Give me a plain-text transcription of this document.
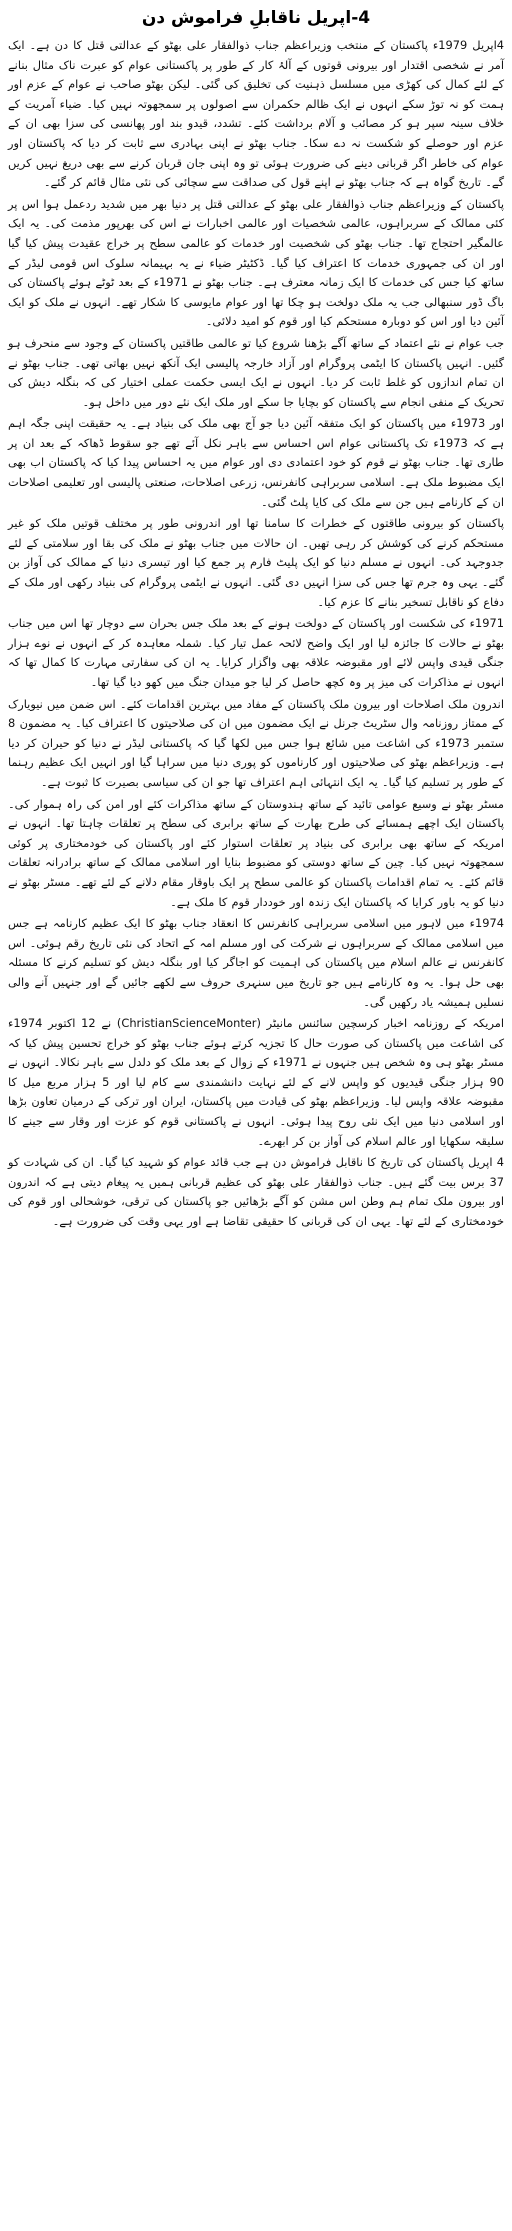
4-اپریل ناقابلِ فراموش دن

4اپریل 1979ء پاکستان کے منتخب وزیراعظم جناب ذوالفقار علی بھٹو کے عدالتی قتل کا دن ہے۔ ایک آمر نے شخصی اقتدار اور بیرونی قوتوں کے آلۂ کار کے طور پر پاکستانی عوام کو عبرت ناک مثال بنانے کے لئے کمال کی کھڑی میں مسلسل ذہنیت کی تخلیق کی گئی۔ لیکن بھٹو صاحب نے عوام کے عزم اور ہمت کو نہ توڑ سکے انہوں نے ایک ظالم حکمران سے اصولوں پر سمجھوتہ نہیں کیا۔ ضیاء آمریت کے خلاف سینہ سپر ہو کر مصائب و آلام برداشت کئے۔ تشدد، قیدو بند اور پھانسی کی سزا بھی ان کے عزم اور حوصلے کو شکست نہ دے سکا۔ جناب بھٹو نے اپنی بہادری سے ثابت کر دیا کہ پاکستان اور عوام کی خاطر اگر قربانی دینے کی ضرورت ہوئی تو وہ اپنی جان قربان کرنے سے بھی دریغ نہیں کریں گے۔ تاریخ گواہ ہے کہ جناب بھٹو نے اپنے قول کی صداقت سے سچائی کی نئی مثال قائم کر گئے۔

پاکستان کے وزیراعظم جناب ذوالفقار علی بھٹو کے عدالتی قتل پر دنیا بھر میں شدید ردعمل ہوا اس پر کئی ممالک کے سربراہوں، عالمی شخصیات اور عالمی اخبارات نے اس کی بھرپور مذمت کی۔ یہ ایک عالمگیر احتجاج تھا۔ جناب بھٹو کی شخصیت اور خدمات کو عالمی سطح پر خراج عقیدت پیش کیا گیا اور ان کی جمہوری خدمات کا اعتراف کیا گیا۔ ڈکٹیٹر ضیاء نے یہ بہیمانہ سلوک اس قومی لیڈر کے ساتھ کیا جس کی خدمات کا ایک زمانہ معترف ہے۔ جناب بھٹو نے 1971ء کے بعد ٹوٹے ہوئے پاکستان کی باگ ڈور سنبھالی جب یہ ملک دولخت ہو چکا تھا اور عوام مایوسی کا شکار تھے۔ انہوں نے ملک کو ایک آئین دیا اور اس کو دوبارہ مستحکم کیا اور قوم کو امید دلائی۔

جب عوام نے نئے اعتماد کے ساتھ آگے بڑھنا شروع کیا تو عالمی طاقتیں پاکستان کے وجود سے منحرف ہو گئیں۔ انہیں پاکستان کا ایٹمی پروگرام اور آزاد خارجہ پالیسی ایک آنکھ نہیں بھاتی تھی۔ جناب بھٹو نے ان تمام اندازوں کو غلط ثابت کر دیا۔ انہوں نے ایک ایسی حکمت عملی اختیار کی کہ بنگلہ دیش کی تحریک کے منفی انجام سے پاکستان کو بچایا جا سکے اور ملک ایک نئے دور میں داخل ہو۔

اور 1973ء میں پاکستان کو ایک متفقہ آئین دیا جو آج بھی ملک کی بنیاد ہے۔ یہ حقیقت اپنی جگہ اہم ہے کہ 1973ء تک پاکستانی عوام اس احساس سے باہر نکل آئے تھے جو سقوط ڈھاکہ کے بعد ان پر طاری تھا۔ جناب بھٹو نے قوم کو خود اعتمادی دی اور عوام میں یہ احساس پیدا کیا کہ پاکستان اب بھی ایک مضبوط ملک ہے۔ اسلامی سربراہی کانفرنس، زرعی اصلاحات، صنعتی پالیسی اور تعلیمی اصلاحات ان کے کارنامے ہیں جن سے ملک کی کایا پلٹ گئی۔

پاکستان کو بیرونی طاقتوں کے خطرات کا سامنا تھا اور اندرونی طور پر مختلف قوتیں ملک کو غیر مستحکم کرنے کی کوشش کر رہی تھیں۔ ان حالات میں جناب بھٹو نے ملک کی بقا اور سلامتی کے لئے جدوجہد کی۔ انہوں نے مسلم دنیا کو ایک پلیٹ فارم پر جمع کیا اور تیسری دنیا کے ممالک کی آواز بن گئے۔ یہی وہ جرم تھا جس کی سزا انہیں دی گئی۔ انہوں نے ایٹمی پروگرام کی بنیاد رکھی اور ملک کے دفاع کو ناقابل تسخیر بنانے کا عزم کیا۔

1971ء کی شکست اور پاکستان کے دولخت ہونے کے بعد ملک جس بحران سے دوچار تھا اس میں جناب بھٹو نے حالات کا جائزہ لیا اور ایک واضح لائحہ عمل تیار کیا۔ شملہ معاہدہ کر کے انہوں نے نوے ہزار جنگی قیدی واپس لائے اور مقبوضہ علاقہ بھی واگزار کرایا۔ یہ ان کی سفارتی مہارت کا کمال تھا کہ انہوں نے مذاکرات کی میز پر وہ کچھ حاصل کر لیا جو میدان جنگ میں کھو دیا گیا تھا۔

اندرون ملک اصلاحات اور بیرون ملک پاکستان کے مفاد میں بہترین اقدامات کئے۔ اس ضمن میں نیویارک کے ممتاز روزنامہ وال سٹریٹ جرنل نے ایک مضمون میں ان کی صلاحیتوں کا اعتراف کیا۔ یہ مضمون 8 ستمبر 1973ء کی اشاعت میں شائع ہوا جس میں لکھا گیا کہ پاکستانی لیڈر نے دنیا کو حیران کر دیا ہے۔ وزیراعظم بھٹو کی صلاحیتوں اور کارناموں کو پوری دنیا میں سراہا گیا اور انہیں ایک عظیم رہنما کے طور پر تسلیم کیا گیا۔ یہ ایک انتہائی اہم اعتراف تھا جو ان کی سیاسی بصیرت کا ثبوت ہے۔

مسٹر بھٹو نے وسیع عوامی تائید کے ساتھ ہندوستان کے ساتھ مذاکرات کئے اور امن کی راہ ہموار کی۔ پاکستان ایک اچھے ہمسائے کی طرح بھارت کے ساتھ برابری کی سطح پر تعلقات چاہتا تھا۔ انہوں نے امریکہ کے ساتھ بھی برابری کی بنیاد پر تعلقات استوار کئے اور پاکستان کی خودمختاری پر کوئی سمجھوتہ نہیں کیا۔ چین کے ساتھ دوستی کو مضبوط بنایا اور اسلامی ممالک کے ساتھ برادرانہ تعلقات قائم کئے۔ یہ تمام اقدامات پاکستان کو عالمی سطح پر ایک باوقار مقام دلانے کے لئے تھے۔ مسٹر بھٹو نے دنیا کو یہ باور کرایا کہ پاکستان ایک زندہ اور خوددار قوم کا ملک ہے۔

1974ء میں لاہور میں اسلامی سربراہی کانفرنس کا انعقاد جناب بھٹو کا ایک عظیم کارنامہ ہے جس میں اسلامی ممالک کے سربراہوں نے شرکت کی اور مسلم امہ کے اتحاد کی نئی تاریخ رقم ہوئی۔ اس کانفرنس نے عالم اسلام میں پاکستان کی اہمیت کو اجاگر کیا اور بنگلہ دیش کو تسلیم کرنے کا مسئلہ بھی حل ہوا۔ یہ وہ کارنامے ہیں جو تاریخ میں سنہری حروف سے لکھے جائیں گے اور جنہیں آنے والی نسلیں ہمیشہ یاد رکھیں گی۔

امریکہ کے روزنامہ اخبار کرسچین سائنس مانیٹر (ChristianScienceMonter) نے 12 اکتوبر 1974ء کی اشاعت میں پاکستان کی صورت حال کا تجزیہ کرتے ہوئے جناب بھٹو کو خراج تحسین پیش کیا کہ مسٹر بھٹو ہی وہ شخص ہیں جنہوں نے 1971ء کے زوال کے بعد ملک کو دلدل سے باہر نکالا۔ انہوں نے 90 ہزار جنگی قیدیوں کو واپس لانے کے لئے نہایت دانشمندی سے کام لیا اور 5 ہزار مربع میل کا مقبوضہ علاقہ واپس لیا۔ وزیراعظم بھٹو کی قیادت میں پاکستان، ایران اور ترکی کے درمیان تعاون بڑھا اور اسلامی دنیا میں ایک نئی روح پیدا ہوئی۔ انہوں نے پاکستانی قوم کو عزت اور وقار سے جینے کا سلیقہ سکھایا اور عالم اسلام کی آواز بن کر ابھرے۔

4 اپریل پاکستان کی تاریخ کا ناقابل فراموش دن ہے جب قائد عوام کو شہید کیا گیا۔ ان کی شہادت کو 37 برس بیت گئے ہیں۔ جناب ذوالفقار علی بھٹو کی عظیم قربانی ہمیں یہ پیغام دیتی ہے کہ اندرون اور بیرون ملک تمام ہم وطن اس مشن کو آگے بڑھائیں جو پاکستان کی ترقی، خوشحالی اور قوم کی خودمختاری کے لئے تھا۔ یہی ان کی قربانی کا حقیقی تقاضا ہے اور یہی وقت کی ضرورت ہے۔
